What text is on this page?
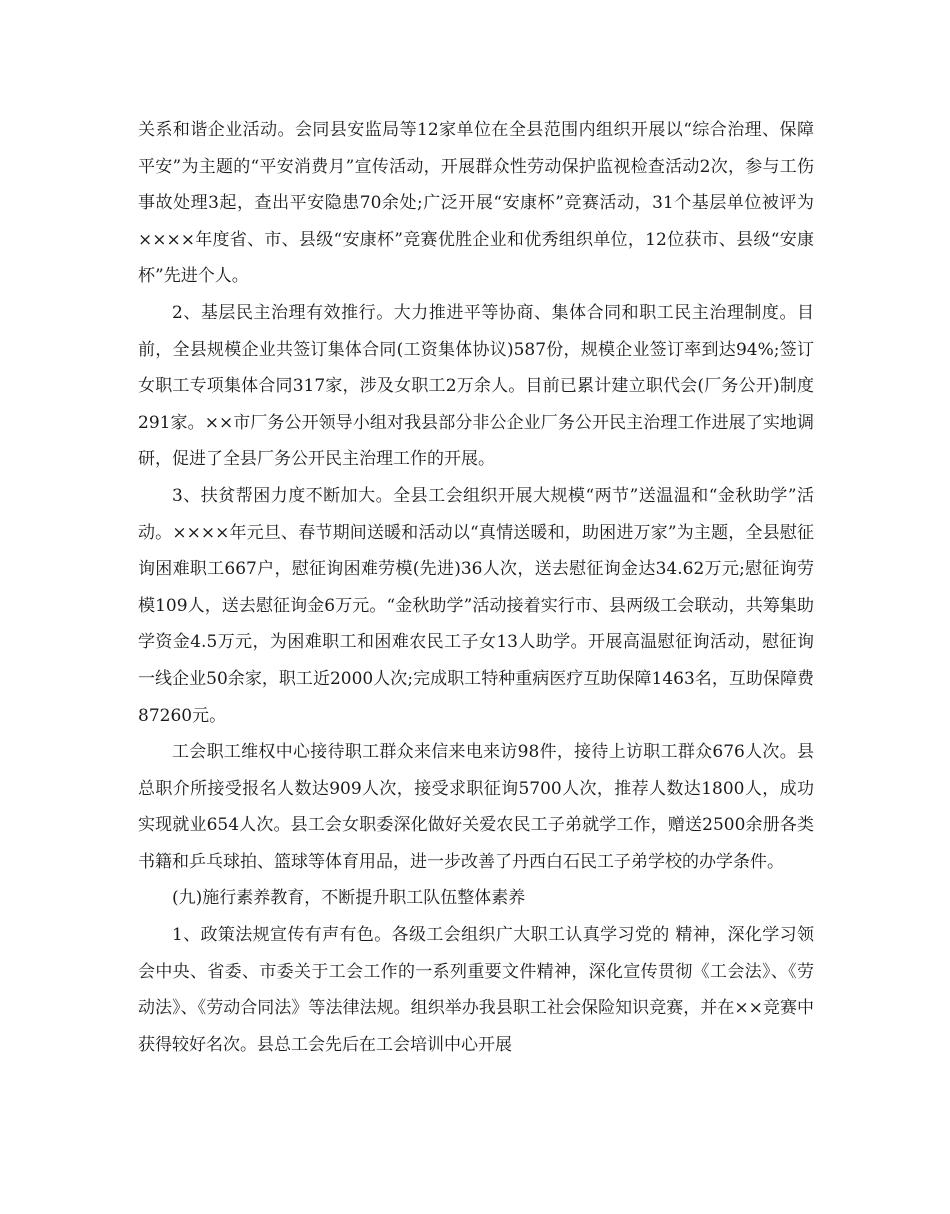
关系和谐企业活动。会同县安监局等12家单位在全县范围内组织开展以“综合治理、保障平安”为主题的“平安消费月”宣传活动，开展群众性劳动保护监视检查活动2次，参与工伤事故处理3起，查出平安隐患70余处;广泛开展“安康杯”竞赛活动，31个基层单位被评为××××年度省、市、县级“安康杯”竞赛优胜企业和优秀组织单位，12位获市、县级“安康杯”先进个人。

2、基层民主治理有效推行。大力推进平等协商、集体合同和职工民主治理制度。目前，全县规模企业共签订集体合同(工资集体协议)587份，规模企业签订率到达94%;签订女职工专项集体合同317家，涉及女职工2万余人。目前已累计建立职代会(厂务公开)制度291家。××市厂务公开领导小组对我县部分非公企业厂务公开民主治理工作进展了实地调研，促进了全县厂务公开民主治理工作的开展。

3、扶贫帮困力度不断加大。全县工会组织开展大规模“两节”送温温和“金秋助学”活动。××××年元旦、春节期间送暖和活动以“真情送暖和，助困进万家”为主题，全县慰征询困难职工667户，慰征询困难劳模(先进)36人次，送去慰征询金达34.62万元;慰征询劳模109人，送去慰征询金6万元。“金秋助学”活动接着实行市、县两级工会联动，共筹集助学资金4.5万元，为困难职工和困难农民工子女13人助学。开展高温慰征询活动，慰征询一线企业50余家，职工近2000人次;完成职工特种重病医疗互助保障1463名，互助保障费87260元。

工会职工维权中心接待职工群众来信来电来访98件，接待上访职工群众676人次。县总职介所接受报名人数达909人次，接受求职征询5700人次，推荐人数达1800人，成功实现就业654人次。县工会女职委深化做好关爱农民工子弟就学工作，赠送2500余册各类书籍和乒乓球拍、篮球等体育用品，进一步改善了丹西白石民工子弟学校的办学条件。

(九)施行素养教育，不断提升职工队伍整体素养

1、政策法规宣传有声有色。各级工会组织广大职工认真学习党的 精神，深化学习领会中央、省委、市委关于工会工作的一系列重要文件精神，深化宣传贯彻《工会法》、《劳动法》、《劳动合同法》等法律法规。组织举办我县职工社会保险知识竞赛，并在××竞赛中获得较好名次。县总工会先后在工会培训中心开展
